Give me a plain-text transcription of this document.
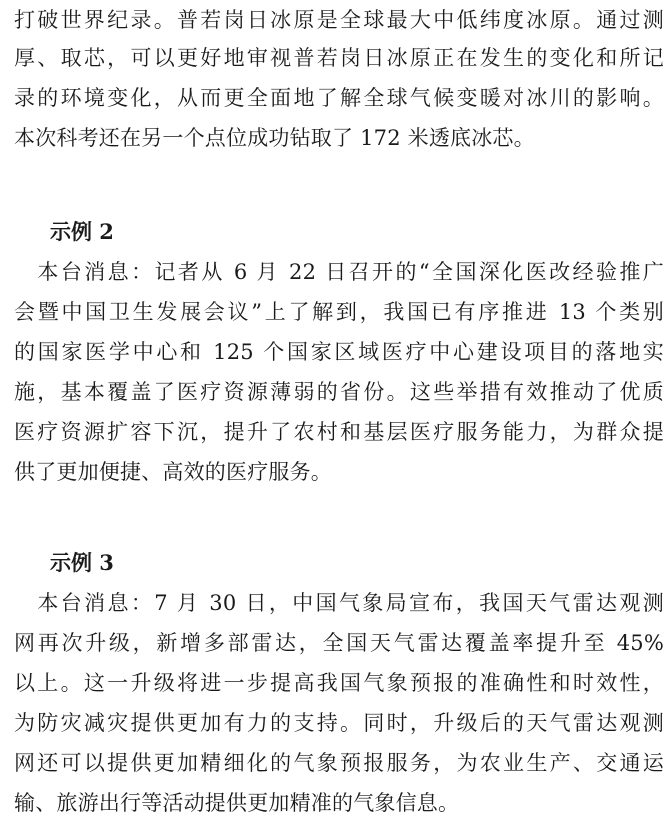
打破世界纪录。普若岗日冰原是全球最大中低纬度冰原。通过测
厚、取芯，可以更好地审视普若岗日冰原正在发生的变化和所记
录的环境变化，从而更全面地了解全球气候变暖对冰川的影响。
本次科考还在另一个点位成功钻取了 172 米透底冰芯。
示例 2
　本台消息：记者从 6 月 22 日召开的“全国深化医改经验推广
会暨中国卫生发展会议”上了解到，我国已有序推进 13 个类别
的国家医学中心和 125 个国家区域医疗中心建设项目的落地实
施，基本覆盖了医疗资源薄弱的省份。这些举措有效推动了优质
医疗资源扩容下沉，提升了农村和基层医疗服务能力，为群众提
供了更加便捷、高效的医疗服务。
示例 3
　本台消息：7 月 30 日，中国气象局宣布，我国天气雷达观测
网再次升级，新增多部雷达，全国天气雷达覆盖率提升至 45%
以上。这一升级将进一步提高我国气象预报的准确性和时效性，
为防灾减灾提供更加有力的支持。同时，升级后的天气雷达观测
网还可以提供更加精细化的气象预报服务，为农业生产、交通运
输、旅游出行等活动提供更加精准的气象信息。
